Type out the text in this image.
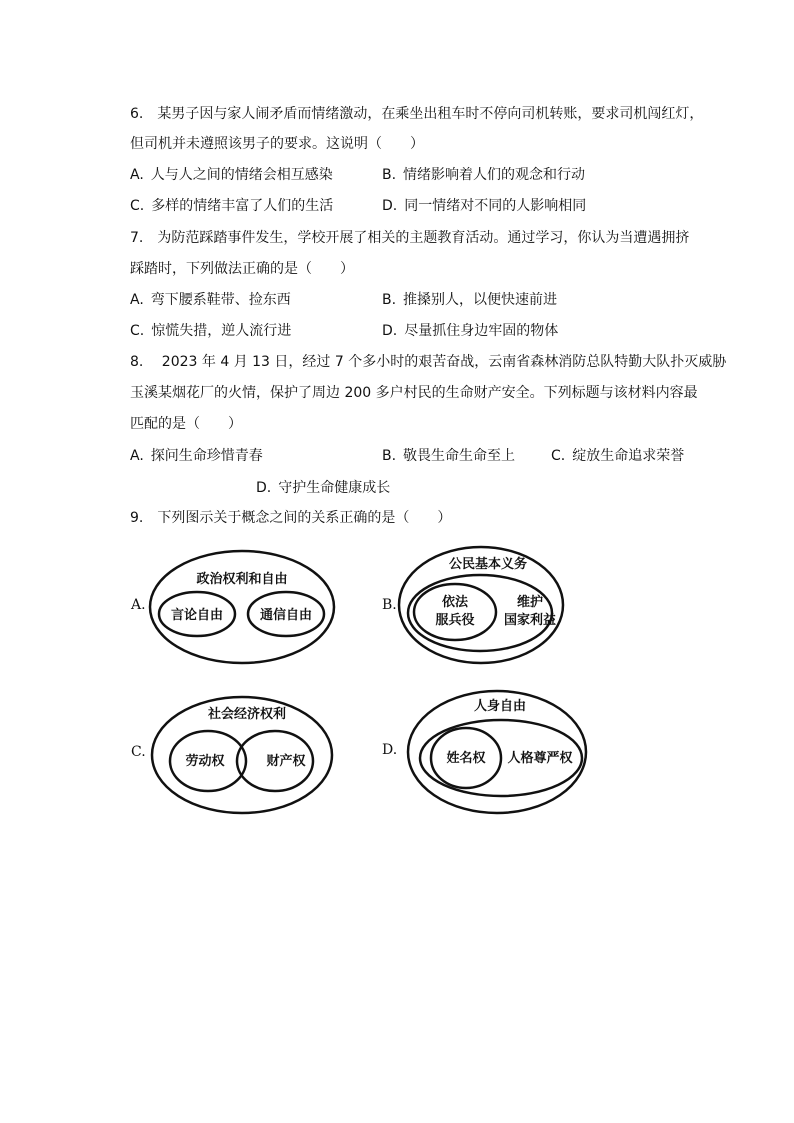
6.　某男子因与家人闹矛盾而情绪激动，在乘坐出租车时不停向司机转账，要求司机闯红灯，
但司机并未遵照该男子的要求。这说明（　　）
A. 人与人之间的情绪会相互感染	B. 情绪影响着人们的观念和行动
C. 多样的情绪丰富了人们的生活	D. 同一情绪对不同的人影响相同
7.　为防范踩踏事件发生，学校开展了相关的主题教育活动。通过学习，你认为当遭遇拥挤
踩踏时，下列做法正确的是（　　）
A. 弯下腰系鞋带、捡东西	B. 推搡别人，以便快速前进
C. 惊慌失措，逆人流行进	D. 尽量抓住身边牢固的物体
8.　 2023 年 4 月 13 日，经过 7 个多小时的艰苦奋战，云南省森林消防总队特勤大队扑灭威胁
玉溪某烟花厂的火情，保护了周边 200 多户村民的生命财产安全。下列标题与该材料内容最
匹配的是（　　）
A. 探问生命珍惜青春	B. 敬畏生命生命至上	C. 绽放生命追求荣誉
D. 守护生命健康成长
9.　下列图示关于概念之间的关系正确的是（　　）
A.	B.
C.	D.
政治权利和自由
言论自由	通信自由
公民基本义务
依法
服兵役
维护
国家利益
社会经济权利
劳动权	财产权
人身自由
姓名权 人格尊严权
